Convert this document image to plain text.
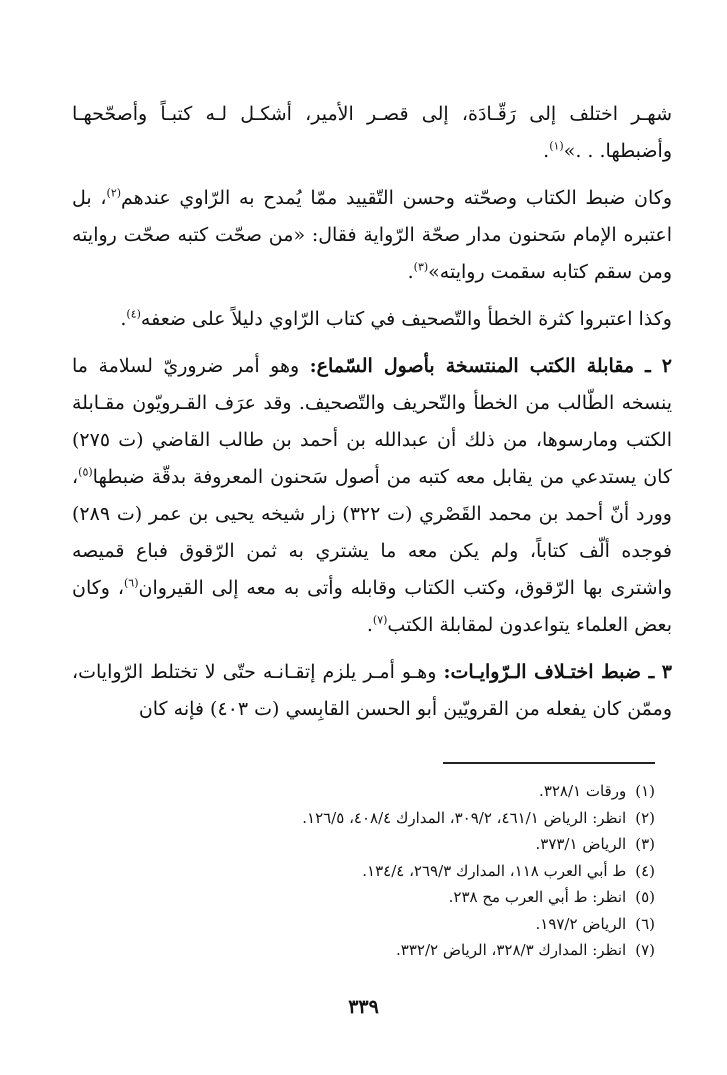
شهـر اختلف إلى رَقّـادَة، إلى قصـر الأمير، أشكـل لـه كتبـاً وأصحّحهـا وأضبطها. . .»$^{(١)}$.

وكان ضبط الكتاب وصحّته وحسن التّقييد ممّا يُمدح به الرّاوي عندهم$^{(٢)}$، بل اعتبره الإمام سَحنون مدار صحّة الرّواية فقال: «من صحّت كتبه صحّت روايته ومن سقم كتابه سقمت روايته»$^{(٣)}$.

وكذا اعتبروا كثرة الخطأ والتّصحيف في كتاب الرّاوي دليلاً على ضعفه$^{(٤)}$.

٢ ـ مقابلة الكتب المنتسخة بأصول السّماع: وهو أمر ضروريّ لسلامة ما ينسخه الطّالب من الخطأ والتّحريف والتّصحيف. وقد عرَف القـرويّون مقـابلة الكتب ومارسوها، من ذلك أن عبدالله بن أحمد بن طالب القاضي (ت ٢٧٥) كان يستدعي من يقابل معه كتبه من أصول سَحنون المعروفة بدقّة ضبطها$^{(٥)}$، وورد أنّ أحمد بن محمد القَصْري (ت ٣٢٢) زار شيخه يحيى بن عمر (ت ٢٨٩) فوجده ألّف كتاباً، ولم يكن معه ما يشتري به ثمن الرّقوق فباع قميصه واشترى بها الرّقوق، وكتب الكتاب وقابله وأتى به معه إلى القيروان$^{(٦)}$، وكان بعض العلماء يتواعدون لمقابلة الكتب$^{(٧)}$.

٣ ـ ضبط اختـلاف الـرّوايـات: وهـو أمـر يلزم إتقـانـه حتّى لا تختلط الرّوايات، وممّن كان يفعله من القرويّين أبو الحسن القابِسي (ت ٤٠٣) فإنه كان

(١) ورقات ٣٢٨/١.
(٢) انظر: الرياض ٤٦١/١، ٣٠٩/٢، المدارك ٤٠٨/٤، ١٢٦/٥.
(٣) الرياض ٣٧٣/١.
(٤) ط أبي العرب ١١٨، المدارك ٢٦٩/٣، ١٣٤/٤.
(٥) انظر: ط أبي العرب مح ٢٣٨.
(٦) الرياض ١٩٧/٢.
(٧) انظر: المدارك ٣٢٨/٣، الرياض ٣٣٢/٢.
٣٣٩
